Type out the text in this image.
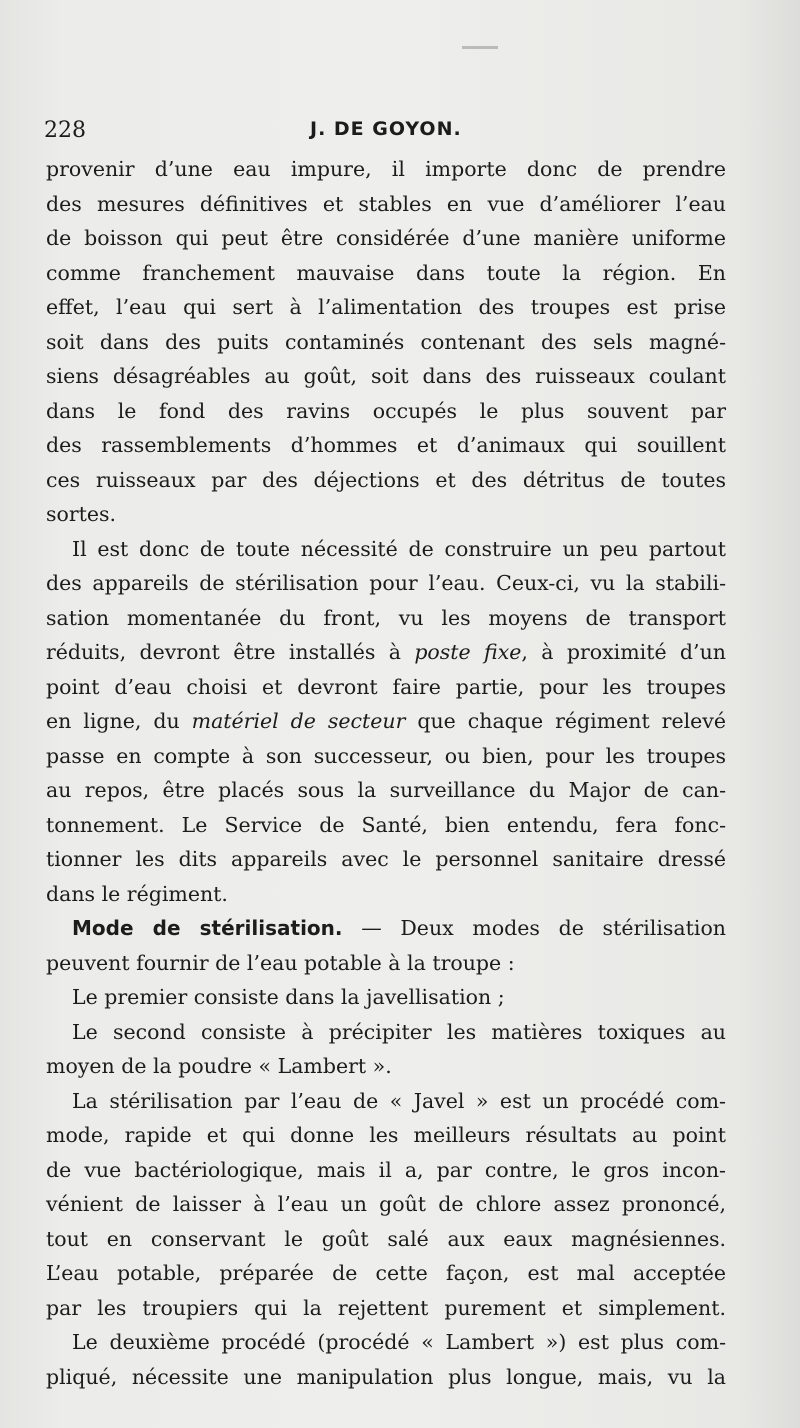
228	J. DE GOYON.
provenir d’une eau impure, il importe donc de prendre
des mesures définitives et stables en vue d’améliorer l’eau
de boisson qui peut être considérée d’une manière uniforme
comme franchement mauvaise dans toute la région. En
effet, l’eau qui sert à l’alimentation des troupes est prise
soit dans des puits contaminés contenant des sels magné-
siens désagréables au goût, soit dans des ruisseaux coulant
dans le fond des ravins occupés le plus souvent par
des rassemblements d’hommes et d’animaux qui souillent
ces ruisseaux par des déjections et des détritus de toutes
sortes.
Il est donc de toute nécessité de construire un peu partout
des appareils de stérilisation pour l’eau. Ceux-ci, vu la stabili-
sation momentanée du front, vu les moyens de transport
réduits, devront être installés à poste fixe, à proximité d’un
point d’eau choisi et devront faire partie, pour les troupes
en ligne, du matériel de secteur que chaque régiment relevé
passe en compte à son successeur, ou bien, pour les troupes
au repos, être placés sous la surveillance du Major de can-
tonnement. Le Service de Santé, bien entendu, fera fonc-
tionner les dits appareils avec le personnel sanitaire dressé
dans le régiment.
Mode de stérilisation. — Deux modes de stérilisation
peuvent fournir de l’eau potable à la troupe :
Le premier consiste dans la javellisation ;
Le second consiste à précipiter les matières toxiques au
moyen de la poudre « Lambert ».
La stérilisation par l’eau de « Javel » est un procédé com-
mode, rapide et qui donne les meilleurs résultats au point
de vue bactériologique, mais il a, par contre, le gros incon-
vénient de laisser à l’eau un goût de chlore assez prononcé,
tout en conservant le goût salé aux eaux magnésiennes.
L’eau potable, préparée de cette façon, est mal acceptée
par les troupiers qui la rejettent purement et simplement.
Le deuxième procédé (procédé « Lambert ») est plus com-
pliqué, nécessite une manipulation plus longue, mais, vu la
